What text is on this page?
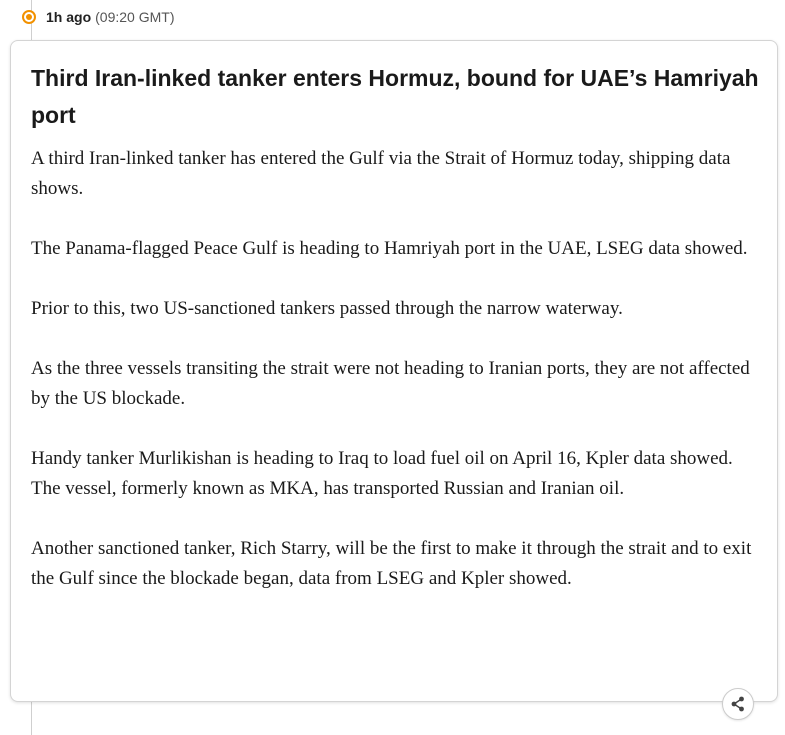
1h ago (09:20 GMT)
Third Iran-linked tanker enters Hormuz, bound for UAE’s Hamriyah port

A third Iran-linked tanker has entered the Gulf via the Strait of Hormuz today, shipping data shows.

The Panama-flagged Peace Gulf is heading to Hamriyah port in the UAE, LSEG data showed.

Prior to this, two US-sanctioned tankers passed through the narrow waterway.

As the three vessels transiting the strait were not heading to Iranian ports, they are not affected by the US blockade.

Handy tanker Murlikishan is heading to Iraq to load fuel oil on April 16, Kpler data showed. The vessel, formerly known as MKA, has transported Russian and Iranian oil.

Another sanctioned tanker, Rich Starry, will be the first to make it through the strait and to exit the Gulf since the blockade began, data from LSEG and Kpler showed.
